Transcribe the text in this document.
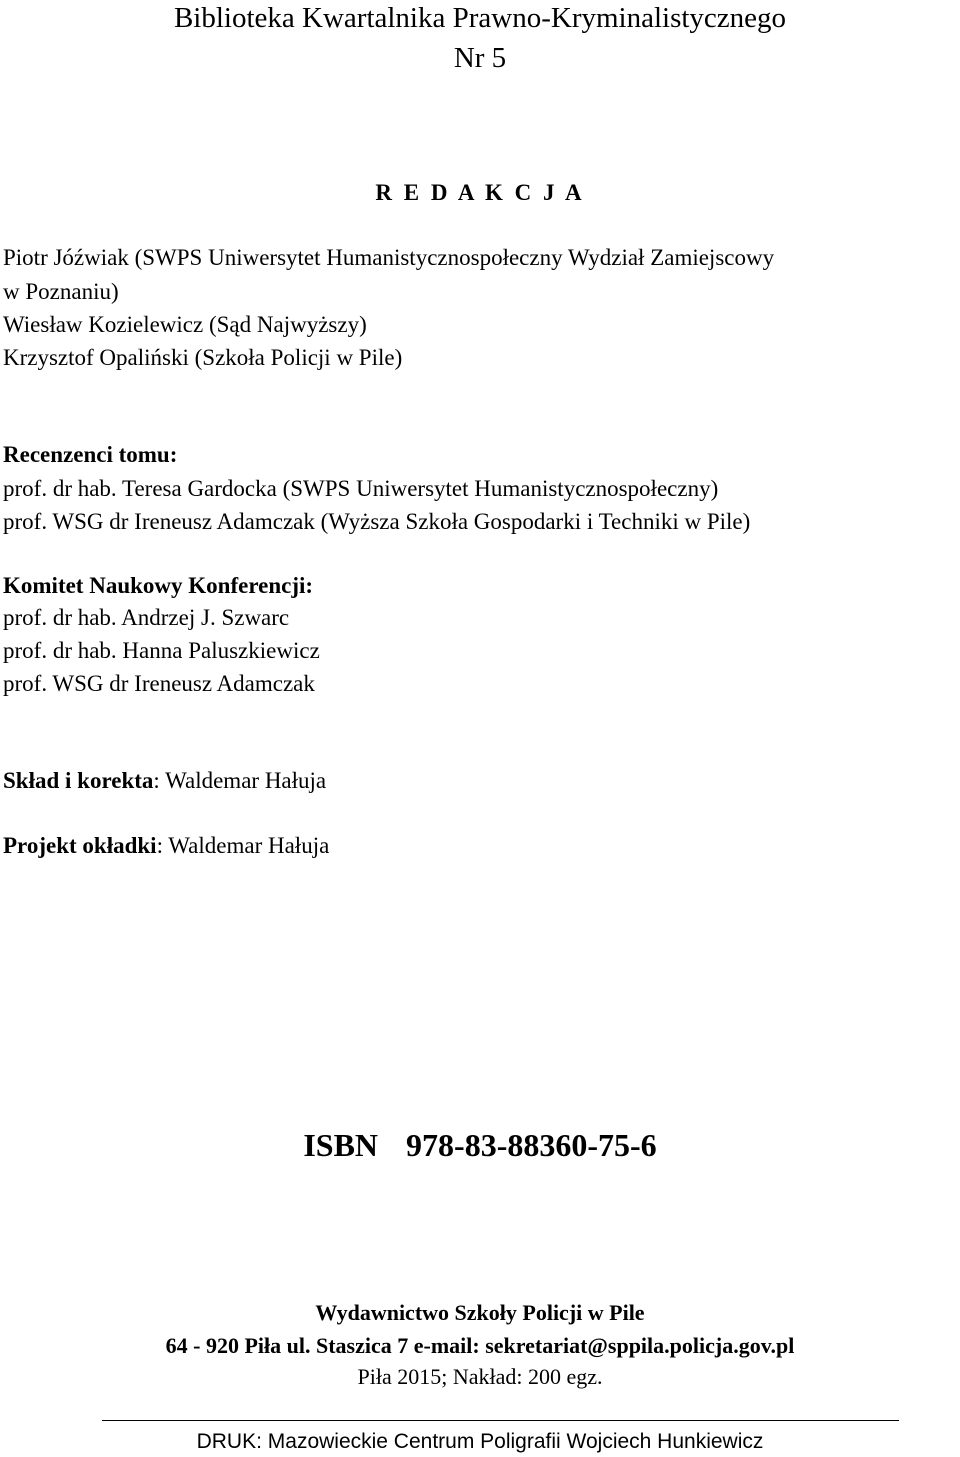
Biblioteka Kwartalnika Prawno-Kryminalistycznego
Nr 5
R E D A K C J A
Piotr Jóźwiak (SWPS Uniwersytet Humanistycznospołeczny Wydział Zamiejscowy
w Poznaniu)
Wiesław Kozielewicz (Sąd Najwyższy)
Krzysztof Opaliński (Szkoła Policji w Pile)
Recenzenci tomu:
prof. dr hab. Teresa Gardocka (SWPS Uniwersytet Humanistycznospołeczny)
prof. WSG dr Ireneusz Adamczak (Wyższa Szkoła Gospodarki i Techniki w Pile)
Komitet Naukowy Konferencji:
prof. dr hab. Andrzej J. Szwarc
prof. dr hab. Hanna Paluszkiewicz
prof. WSG dr Ireneusz Adamczak
Skład i korekta: Waldemar Hałuja
Projekt okładki: Waldemar Hałuja
ISBN 978-83-88360-75-6
Wydawnictwo Szkoły Policji w Pile
64 - 920 Piła ul. Staszica 7 e-mail: sekretariat@sppila.policja.gov.pl
Piła 2015; Nakład: 200 egz.
DRUK: Mazowieckie Centrum Poligrafii Wojciech Hunkiewicz
